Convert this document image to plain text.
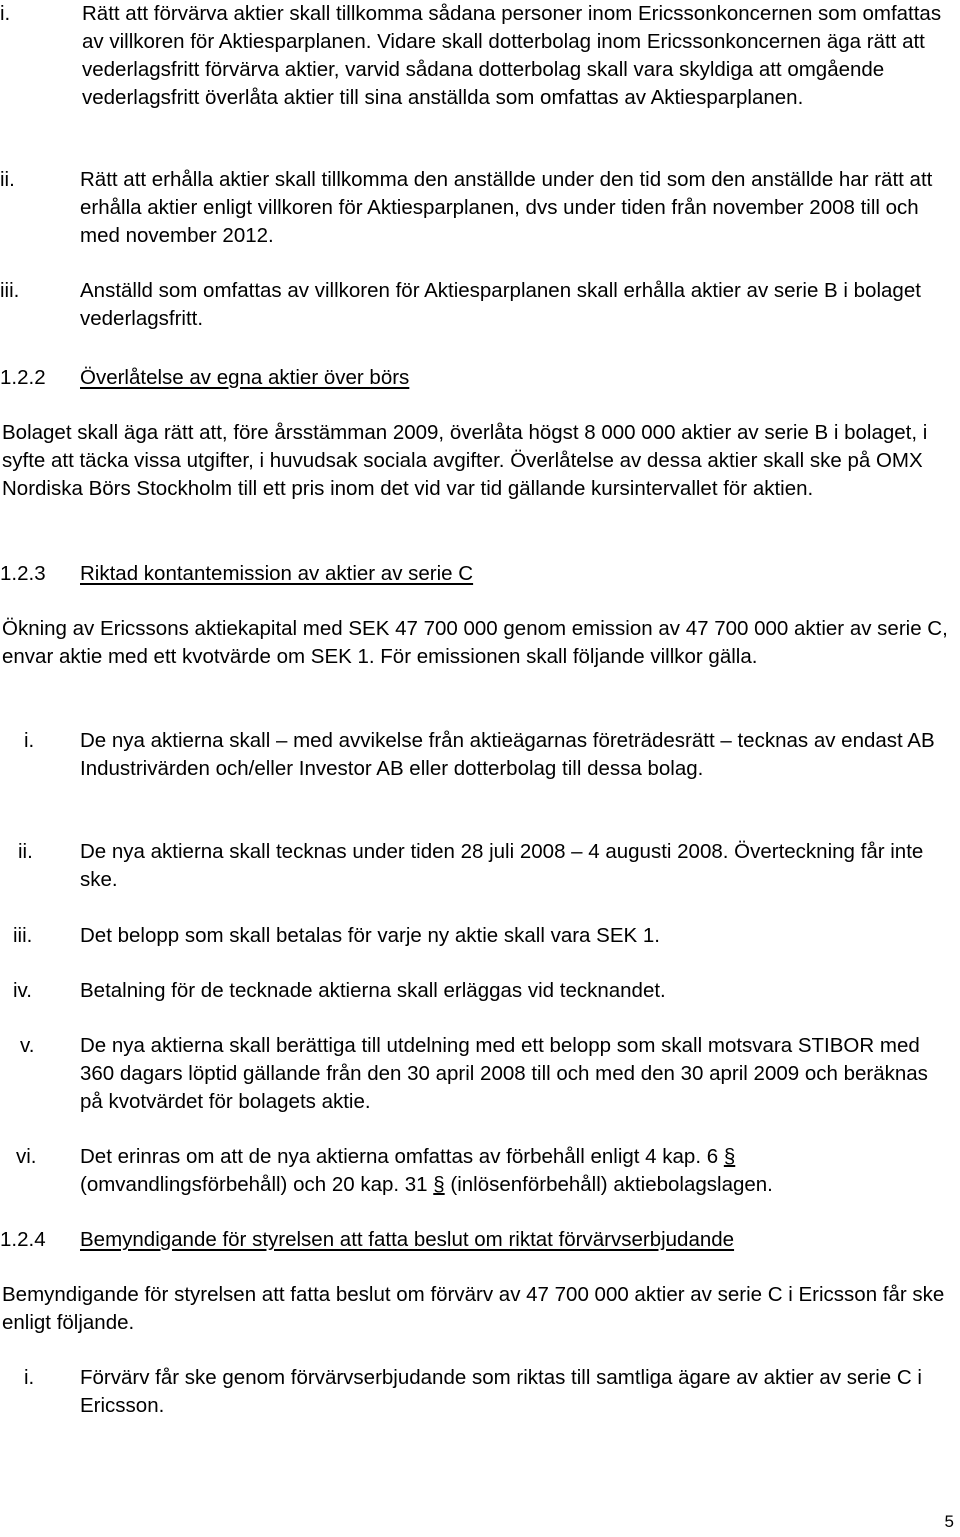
i.	Rätt att förvärva aktier skall tillkomma sådana personer inom Ericssonkoncernen som omfattas av villkoren för Aktiesparplanen. Vidare skall dotterbolag inom Ericssonkoncernen äga rätt att vederlagsfritt förvärva aktier, varvid sådana dotterbolag skall vara skyldiga att omgående vederlagsfritt överlåta aktier till sina anställda som omfattas av Aktiesparplanen.
ii.	Rätt att erhålla aktier skall tillkomma den anställde under den tid som den anställde har rätt att erhålla aktier enligt villkoren för Aktiesparplanen, dvs under tiden från november 2008 till och med november 2012.
iii.	Anställd som omfattas av villkoren för Aktiesparplanen skall erhålla aktier av serie B i bolaget vederlagsfritt.
1.2.2 Överlåtelse av egna aktier över börs
Bolaget skall äga rätt att, före årsstämman 2009, överlåta högst 8 000 000 aktier av serie B i bolaget, i syfte att täcka vissa utgifter, i huvudsak sociala avgifter. Överlåtelse av dessa aktier skall ske på OMX Nordiska Börs Stockholm till ett pris inom det vid var tid gällande kursintervallet för aktien.
1.2.3 Riktad kontantemission av aktier av serie C
Ökning av Ericssons aktiekapital med SEK 47 700 000 genom emission av 47 700 000 aktier av serie C, envar aktie med ett kvotvärde om SEK 1. För emissionen skall följande villkor gälla.
i. De nya aktierna skall – med avvikelse från aktieägarnas företrädesrätt – tecknas av endast AB Industrivärden och/eller Investor AB eller dotterbolag till dessa bolag.
ii. De nya aktierna skall tecknas under tiden 28 juli 2008 – 4 augusti 2008. Överteckning får inte ske.
iii. Det belopp som skall betalas för varje ny aktie skall vara SEK 1.
iv. Betalning för de tecknade aktierna skall erläggas vid tecknandet.
v. De nya aktierna skall berättiga till utdelning med ett belopp som skall motsvara STIBOR med 360 dagars löptid gällande från den 30 april 2008 till och med den 30 april 2009 och beräknas på kvotvärdet för bolagets aktie.
vi. Det erinras om att de nya aktierna omfattas av förbehåll enligt 4 kap. 6 § (omvandlingsförbehåll) och 20 kap. 31 § (inlösenförbehåll) aktiebolagslagen.
1.2.4 Bemyndigande för styrelsen att fatta beslut om riktat förvärvserbjudande
Bemyndigande för styrelsen att fatta beslut om förvärv av 47 700 000 aktier av serie C i Ericsson får ske enligt följande.
i. Förvärv får ske genom förvärvserbjudande som riktas till samtliga ägare av aktier av serie C i Ericsson.
5
